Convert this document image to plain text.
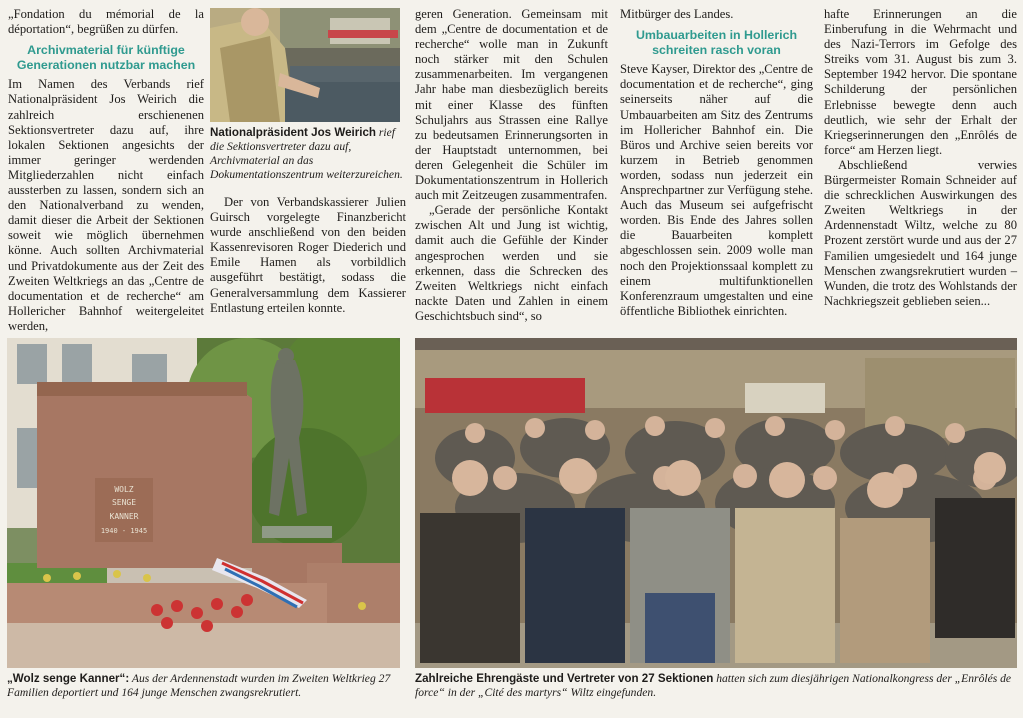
„Fondation du mémorial de la déportation“, begrüßen zu dürfen.

Archivmaterial für künftige Generationen nutzbar machen

Im Namen des Verbands rief Nationalpräsident Jos Weirich die zahlreich erschienenen Sektionsvertreter dazu auf, ihre lokalen Sektionen angesichts der immer geringer werdenden Mitgliederzahlen nicht einfach aussterben zu lassen, sondern sich an den Nationalverband zu wenden, damit dieser die Arbeit der Sektionen soweit wie möglich übernehmen könne. Auch sollten Archivmaterial und Privatdokumente aus der Zeit des Zweiten Weltkriegs an das „Centre de documentation et de recherche“ am Hollericher Bahnhof weitergeleitet werden,

Nationalpräsident Jos Weirich rief die Sektionsvertreter dazu auf, Archivmaterial an das Dokumentationszentrum weiterzureichen.

Der von Verbandskassierer Julien Guirsch vorgelegte Finanzbericht wurde anschließend von den beiden Kassenrevisoren Roger Diederich und Emile Hamen als vorbildlich ausgeführt bestätigt, sodass die Generalversammlung dem Kassierer Entlastung erteilen konnte.

geren Generation. Gemeinsam mit dem „Centre de documentation et de recherche“ wolle man in Zukunft noch stärker mit den Schulen zusammenarbeiten. Im vergangenen Jahr habe man diesbezüglich bereits mit einer Klasse des fünften Schuljahrs aus Strassen eine Rallye zu bedeutsamen Erinnerungsorten in der Hauptstadt unternommen, bei deren Gelegenheit die Schüler im Dokumentationszentrum in Hollerich auch mit Zeitzeugen zusammentrafen.

„Gerade der persönliche Kontakt zwischen Alt und Jung ist wichtig, damit auch die Gefühle der Kinder angesprochen werden und sie erkennen, dass die Schrecken des Zweiten Weltkriegs nicht einfach nackte Daten und Zahlen in einem Geschichtsbuch sind“, so

Mitbürger des Landes.

Umbauarbeiten in Hollerich schreiten rasch voran

Steve Kayser, Direktor des „Centre de documentation et de recherche“, ging seinerseits näher auf die Umbauarbeiten am Sitz des Zentrums im Hollericher Bahnhof ein. Die Büros und Archive seien bereits vor kurzem in Betrieb genommen worden, sodass nun jederzeit ein Ansprechpartner zur Verfügung stehe. Auch das Museum sei aufgefrischt worden. Bis Ende des Jahres sollen die Bauarbeiten komplett abgeschlossen sein. 2009 wolle man noch den Projektionssaal komplett zu einem multifunktionellen Konferenzraum umgestalten und eine öffentliche Bibliothek einrichten.

hafte Erinnerungen an die Einberufung in die Wehrmacht und des Nazi-Terrors im Gefolge des Streiks vom 31. August bis zum 3. September 1942 hervor. Die spontane Schilderung der persönlichen Erlebnisse bewegte denn auch deutlich, wie sehr der Erhalt der Kriegserinnerungen den „Enrôlés de force“ am Herzen liegt.

Abschließend verwies Bürgermeister Romain Schneider auf die schrecklichen Auswirkungen des Zweiten Weltkriegs in der Ardennenstadt Wiltz, welche zu 80 Prozent zerstört wurde und aus der 27 Familien umgesiedelt und 164 junge Menschen zwangsrekrutiert wurden – Wunden, die trotz des Wohlstands der Nachkriegszeit geblieben seien...

WOLZ
SENGE
KANNER
1940 - 1945
„Wolz senge Kanner“: Aus der Ardennenstadt wurden im Zweiten Weltkrieg 27 Familien deportiert und 164 junge Menschen zwangsrekrutiert.
Zahlreiche Ehrengäste und Vertreter von 27 Sektionen hatten sich zum diesjährigen Nationalkongress der „Enrôlés de force“ in der „Cité des martyrs“ Wiltz eingefunden.
